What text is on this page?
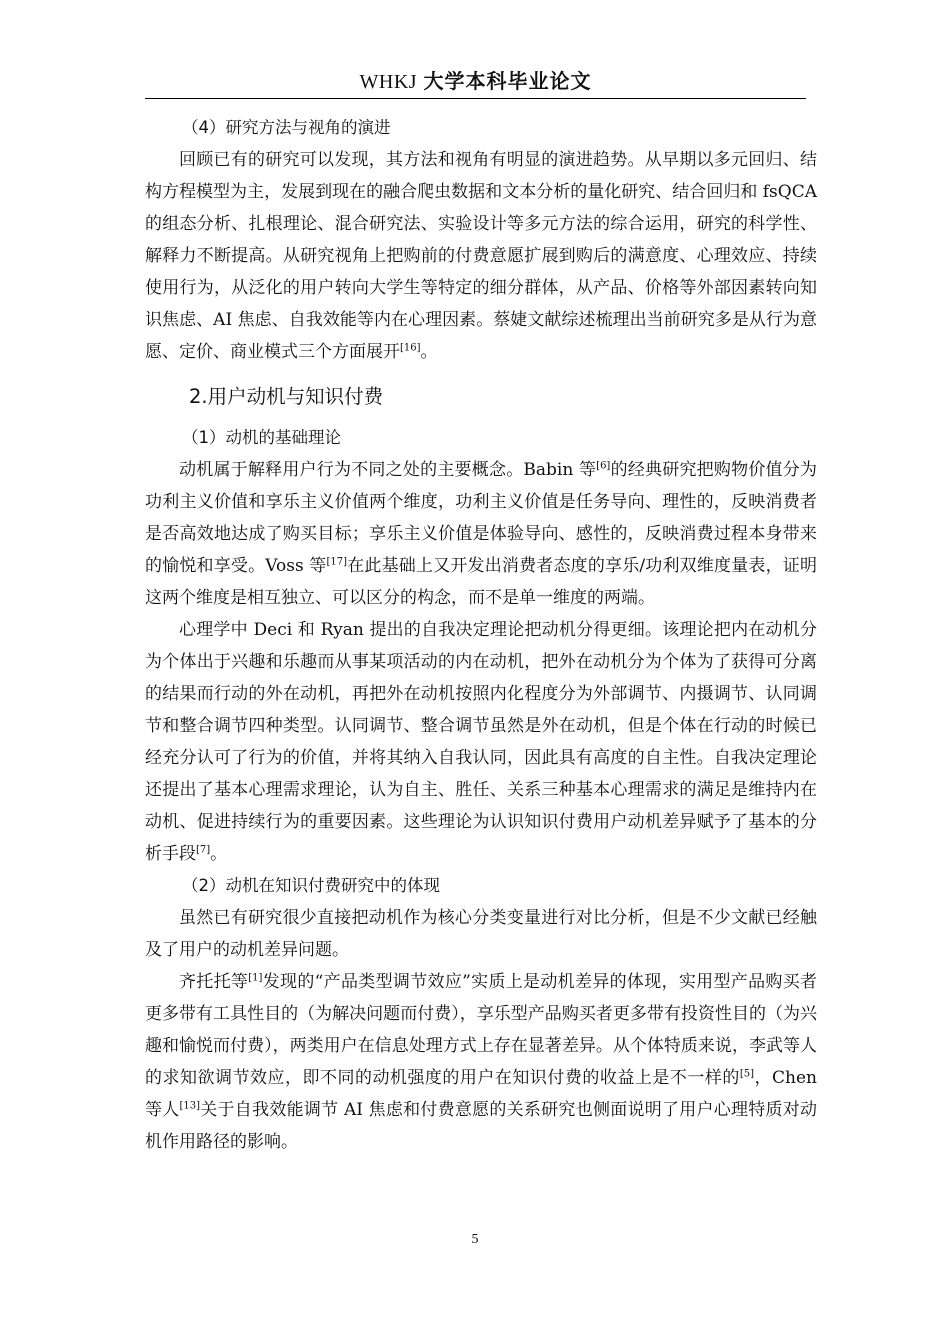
WHKJ 大学本科毕业论文
（4）研究方法与视角的演进

回顾已有的研究可以发现，其方法和视角有明显的演进趋势。从早期以多元回归、结构方程模型为主，发展到现在的融合爬虫数据和文本分析的量化研究、结合回归和 fsQCA 的组态分析、扎根理论、混合研究法、实验设计等多元方法的综合运用，研究的科学性、解释力不断提高。从研究视角上把购前的付费意愿扩展到购后的满意度、心理效应、持续使用行为，从泛化的用户转向大学生等特定的细分群体，从产品、价格等外部因素转向知识焦虑、AI 焦虑、自我效能等内在心理因素。蔡婕文献综述梳理出当前研究多是从行为意愿、定价、商业模式三个方面展开[16]。

2.用户动机与知识付费
（1）动机的基础理论

动机属于解释用户行为不同之处的主要概念。Babin 等[6]的经典研究把购物价值分为功利主义价值和享乐主义价值两个维度，功利主义价值是任务导向、理性的，反映消费者是否高效地达成了购买目标；享乐主义价值是体验导向、感性的，反映消费过程本身带来的愉悦和享受。Voss 等[17]在此基础上又开发出消费者态度的享乐/功利双维度量表，证明这两个维度是相互独立、可以区分的构念，而不是单一维度的两端。

心理学中 Deci 和 Ryan 提出的自我决定理论把动机分得更细。该理论把内在动机分为个体出于兴趣和乐趣而从事某项活动的内在动机，把外在动机分为个体为了获得可分离的结果而行动的外在动机，再把外在动机按照内化程度分为外部调节、内摄调节、认同调节和整合调节四种类型。认同调节、整合调节虽然是外在动机，但是个体在行动的时候已经充分认可了行为的价值，并将其纳入自我认同，因此具有高度的自主性。自我决定理论还提出了基本心理需求理论，认为自主、胜任、关系三种基本心理需求的满足是维持内在动机、促进持续行为的重要因素。这些理论为认识知识付费用户动机差异赋予了基本的分析手段[7]。

（2）动机在知识付费研究中的体现

虽然已有研究很少直接把动机作为核心分类变量进行对比分析，但是不少文献已经触及了用户的动机差异问题。

齐托托等[1]发现的“产品类型调节效应”实质上是动机差异的体现，实用型产品购买者更多带有工具性目的（为解决问题而付费），享乐型产品购买者更多带有投资性目的（为兴趣和愉悦而付费），两类用户在信息处理方式上存在显著差异。从个体特质来说，李武等人的求知欲调节效应，即不同的动机强度的用户在知识付费的收益上是不一样的[5]，Chen 等人[13]关于自我效能调节 AI 焦虑和付费意愿的关系研究也侧面说明了用户心理特质对动机作用路径的影响。

5
